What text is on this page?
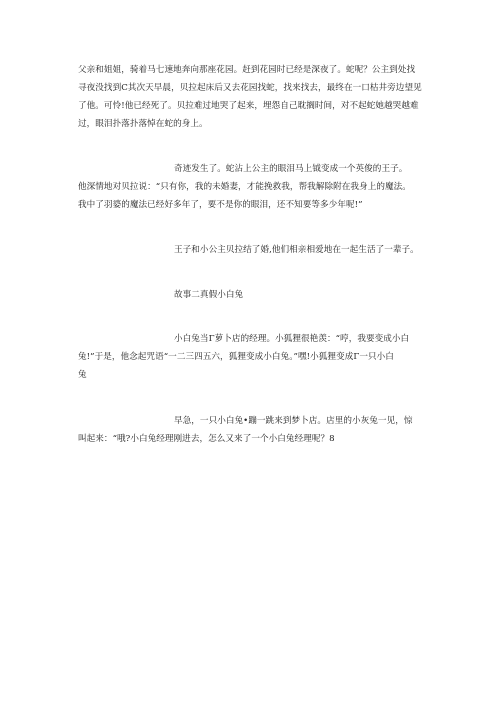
父亲和姐姐，骑着马七速地奔向那座花园。赶到花园时已经是深夜了。蛇呢？公主到处找
寻夜没找到C其次天早晨，贝拉起床后又去花园找蛇，找来找去，最终在一口枯井旁边望见
了他。可怜!他已经死了。贝拉难过地哭了起来，埋怨自己耽搁时间，对不起蛇她越哭越难
过，眼泪扑落扑落悼在蛇的身上。
奇迹发生了。蛇沾上公主的眼泪马上钺变成一个英俊的王子。
他深情地对贝拉说：“只有你，我的未婚妻，才能挽救我，帮我解除附在我身上的魔法。
我中了羽婆的魔法已经好多年了，要不是你的眼泪，还不知要等多少年呢!”
王子和小公主贝拉结了婚,他们相亲相爱地在一起生活了一辈子。
故事二真假小白兔
小白兔当Γ萝卜店的经理。小狐狸很艳羡：“哼，我要变成小白
兔!”于是，他念起咒语“一二三四五六，狐狸变成小白兔。”嘿!小狐狸变成Γ一只小白
兔
早急，一只小白兔•蹦一跳来到梦卜店。店里的小灰兔一见，惊
叫起来：“哦?小白兔经理刚进去，怎么又来了一个小白兔经理呢？8
